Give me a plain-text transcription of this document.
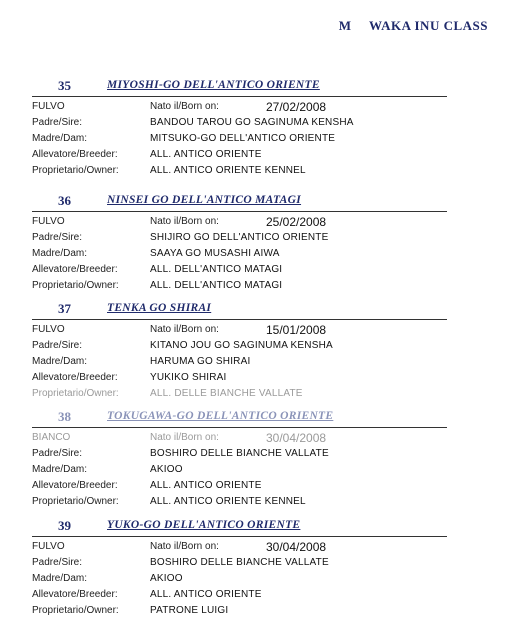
M WAKA INU CLASS
35	MIYOSHI-GO DELL'ANTICO ORIENTE
FULVO	Nato il/Born on:	27/02/2008
Padre/Sire:	BANDOU TAROU GO SAGINUMA KENSHA
Madre/Dam:	MITSUKO-GO DELL'ANTICO ORIENTE
Allevatore/Breeder:	ALL. ANTICO ORIENTE
Proprietario/Owner:	ALL. ANTICO ORIENTE KENNEL
36	NINSEI GO DELL'ANTICO MATAGI
FULVO	Nato il/Born on:	25/02/2008
Padre/Sire:	SHIJIRO GO DELL'ANTICO ORIENTE
Madre/Dam:	SAAYA GO MUSASHI AIWA
Allevatore/Breeder:	ALL. DELL'ANTICO MATAGI
Proprietario/Owner:	ALL. DELL'ANTICO MATAGI
37	TENKA GO SHIRAI
FULVO	Nato il/Born on:	15/01/2008
Padre/Sire:	KITANO JOU GO SAGINUMA KENSHA
Madre/Dam:	HARUMA GO SHIRAI
Allevatore/Breeder:	YUKIKO SHIRAI
Proprietario/Owner:	ALL. DELLE BIANCHE VALLATE
38	TOKUGAWA-GO DELL'ANTICO ORIENTE
BIANCO	Nato il/Born on:	30/04/2008
Padre/Sire:	BOSHIRO DELLE BIANCHE VALLATE
Madre/Dam:	AKIOO
Allevatore/Breeder:	ALL. ANTICO ORIENTE
Proprietario/Owner:	ALL. ANTICO ORIENTE KENNEL
39	YUKO-GO DELL'ANTICO ORIENTE
FULVO	Nato il/Born on:	30/04/2008
Padre/Sire:	BOSHIRO DELLE BIANCHE VALLATE
Madre/Dam:	AKIOO
Allevatore/Breeder:	ALL. ANTICO ORIENTE
Proprietario/Owner:	PATRONE LUIGI
